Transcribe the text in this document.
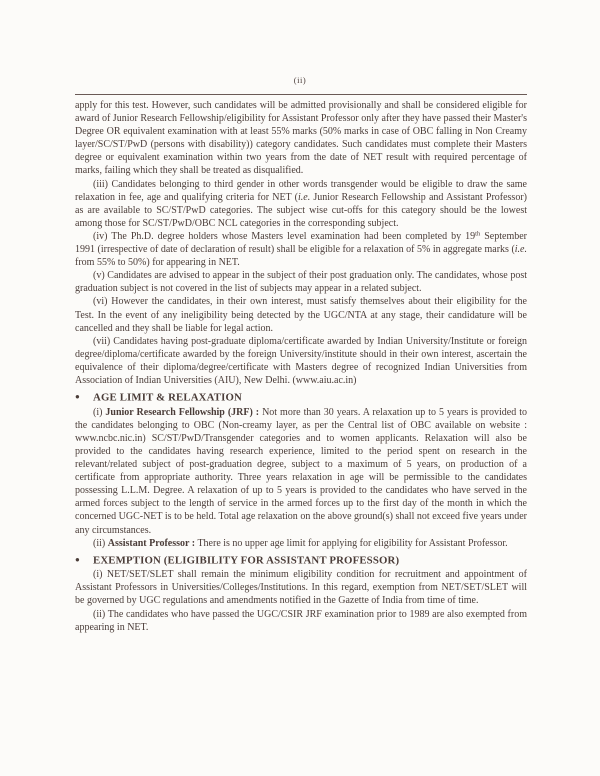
(ii)

apply for this test. However, such candidates will be admitted provisionally and shall be considered eligible for award of Junior Research Fellowship/eligibility for Assistant Professor only after they have passed their Master's Degree OR equivalent examination with at least 55% marks (50% marks in case of OBC falling in Non Creamy layer/SC/ST/PwD (persons with disability)) category candidates. Such candidates must complete their Masters degree or equivalent examination within two years from the date of NET result with required percentage of marks, failing which they shall be treated as disqualified.

(iii) Candidates belonging to third gender in other words transgender would be eligible to draw the same relaxation in fee, age and qualifying criteria for NET (i.e. Junior Research Fellowship and Assistant Professor) as are available to SC/ST/PwD categories. The subject wise cut-offs for this category should be the lowest among those for SC/ST/PwD/OBC NCL categories in the corresponding subject.

(iv) The Ph.D. degree holders whose Masters level examination had been completed by 19th September 1991 (irrespective of date of declaration of result) shall be eligible for a relaxation of 5% in aggregate marks (i.e. from 55% to 50%) for appearing in NET.

(v) Candidates are advised to appear in the subject of their post graduation only. The candidates, whose post graduation subject is not covered in the list of subjects may appear in a related subject.

(vi) However the candidates, in their own interest, must satisfy themselves about their eligibility for the Test. In the event of any ineligibility being detected by the UGC/NTA at any stage, their candidature will be cancelled and they shall be liable for legal action.

(vii) Candidates having post-graduate diploma/certificate awarded by Indian University/Institute or foreign degree/diploma/certificate awarded by the foreign University/institute should in their own interest, ascertain the equivalence of their diploma/degree/certificate with Masters degree of recognized Indian Universities from Association of Indian Universities (AIU), New Delhi. (www.aiu.ac.in)

● AGE LIMIT & RELAXATION

(i) Junior Research Fellowship (JRF) : Not more than 30 years. A relaxation up to 5 years is provided to the candidates belonging to OBC (Non-creamy layer, as per the Central list of OBC available on website : www.ncbc.nic.in) SC/ST/PwD/Transgender categories and to women applicants. Relaxation will also be provided to the candidates having research experience, limited to the period spent on research in the relevant/related subject of post-graduation degree, subject to a maximum of 5 years, on production of a certificate from appropriate authority. Three years relaxation in age will be permissible to the candidates possessing L.L.M. Degree. A relaxation of up to 5 years is provided to the candidates who have served in the armed forces subject to the length of service in the armed forces up to the first day of the month in which the concerned UGC-NET is to be held. Total age relaxation on the above ground(s) shall not exceed five years under any circumstances.

(ii) Assistant Professor : There is no upper age limit for applying for eligibility for Assistant Professor.

● EXEMPTION (ELIGIBILITY FOR ASSISTANT PROFESSOR)

(i) NET/SET/SLET shall remain the minimum eligibility condition for recruitment and appointment of Assistant Professors in Universities/Colleges/Institutions. In this regard, exemption from NET/SET/SLET will be governed by UGC regulations and amendments notified in the Gazette of India from time of time.

(ii) The candidates who have passed the UGC/CSIR JRF examination prior to 1989 are also exempted from appearing in NET.
